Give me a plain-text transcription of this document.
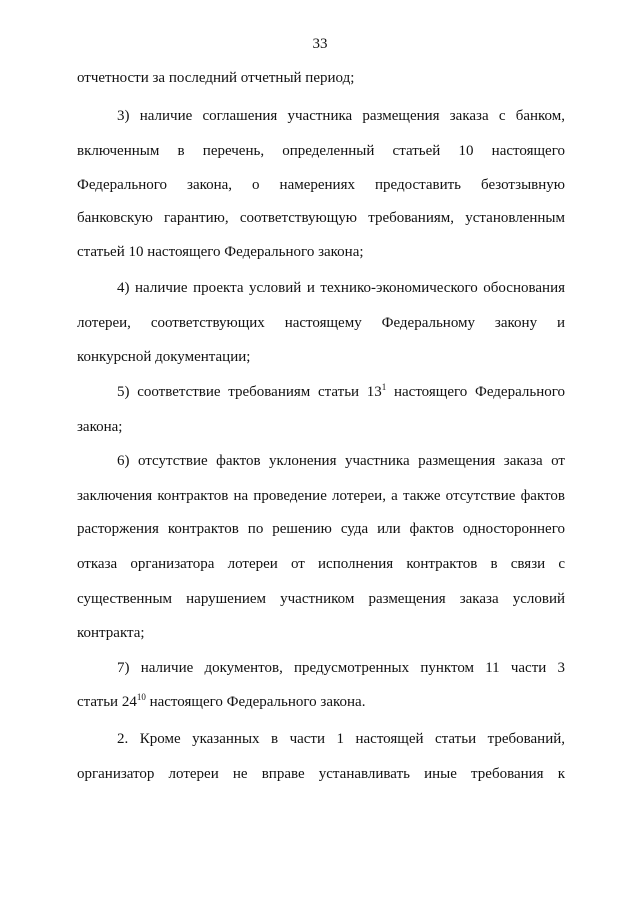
33
отчетности за последний отчетный период;
3) наличие соглашения участника размещения заказа с банком,
включенным в перечень, определенный статьей 10 настоящего
Федерального закона, о намерениях предоставить безотзывную
банковскую гарантию, соответствующую требованиям, установленным
статьей 10 настоящего Федерального закона;
4) наличие проекта условий и технико-экономического обоснования
лотереи, соответствующих настоящему Федеральному закону и
конкурсной документации;
5) соответствие требованиям статьи $13^1$ настоящего Федерального
закона;
6) отсутствие фактов уклонения участника размещения заказа от
заключения контрактов на проведение лотереи, а также отсутствие фактов
расторжения контрактов по решению суда или фактов одностороннего
отказа организатора лотереи от исполнения контрактов в связи с
существенным нарушением участником размещения заказа условий
контракта;
7) наличие документов, предусмотренных пунктом 11 части 3
статьи $24^{10}$ настоящего Федерального закона.
2. Кроме указанных в части 1 настоящей статьи требований,
организатор лотереи не вправе устанавливать иные требования к
